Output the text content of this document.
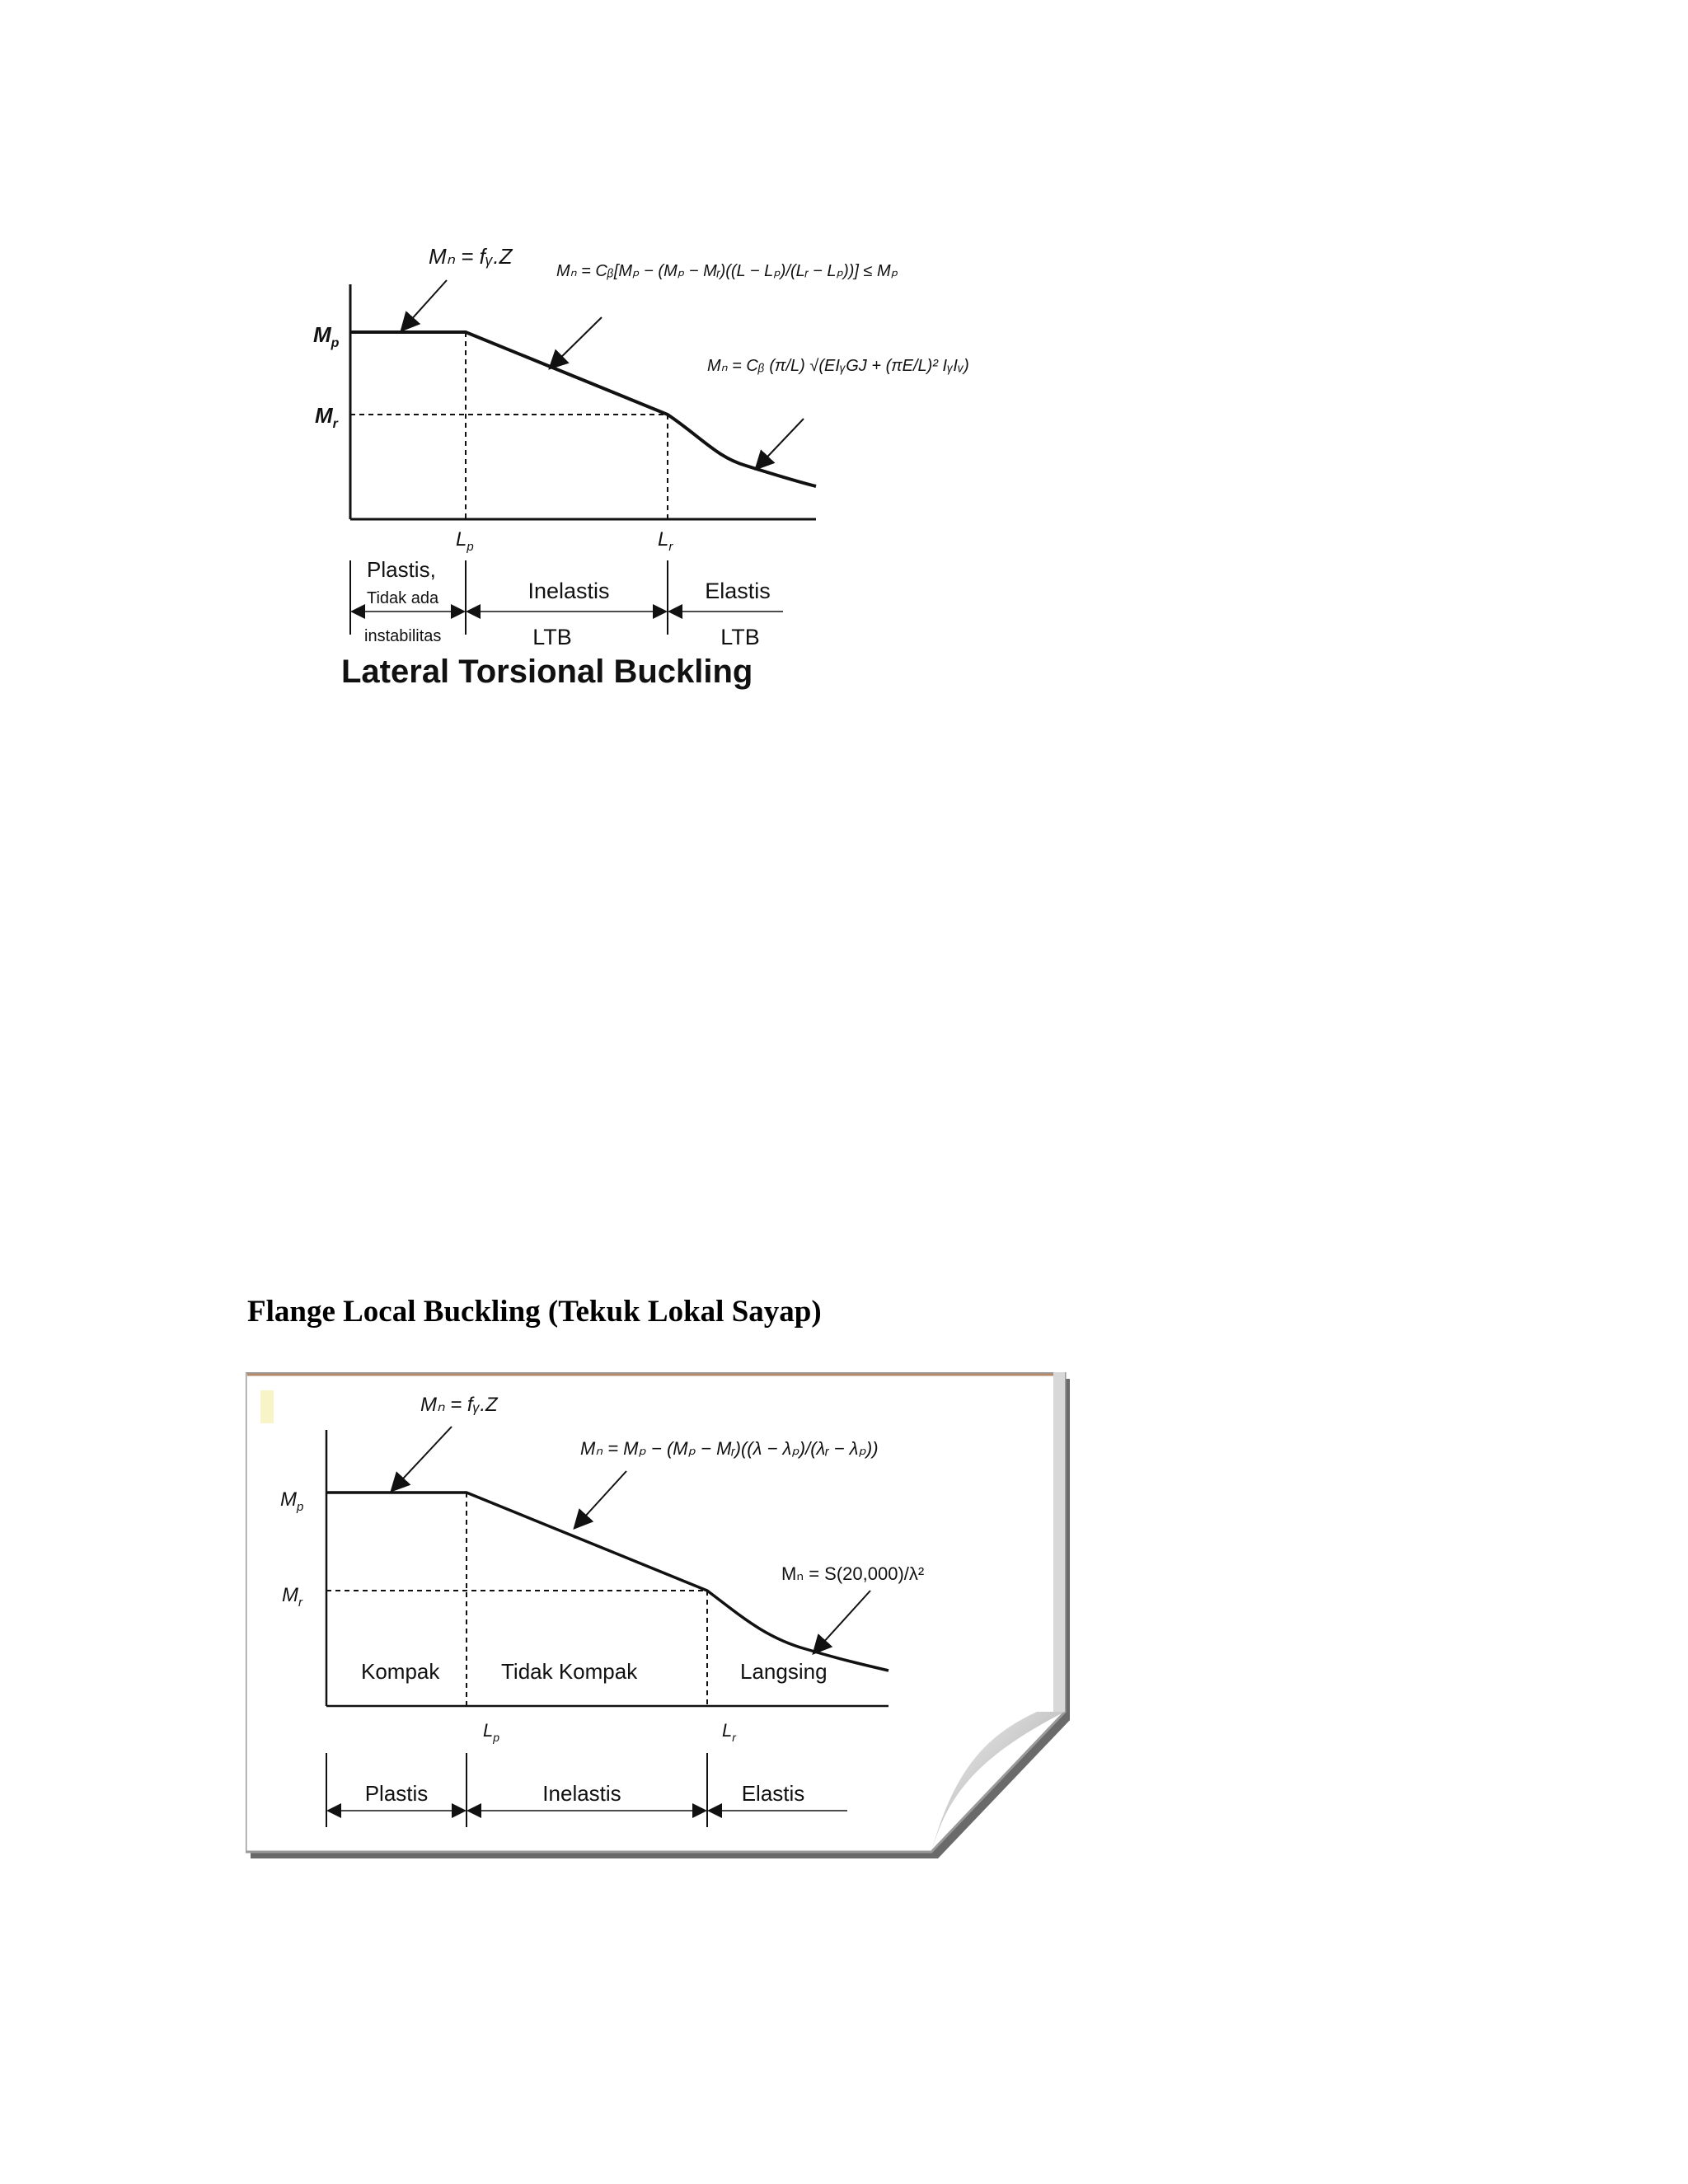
$M_p$
$M_r$
$L_p$	$L_r$
Mₙ = fᵧ.Z
Mₙ = Cᵦ[Mₚ − (Mₚ − Mᵣ)((L − Lₚ)/(Lᵣ − Lₚ))] ≤ Mₚ
Mₙ = Cᵦ (π/L) √(EIᵧGJ + (πE/L)² IᵧIᵥ)
Plastis,
Tidak ada
instabilitas
Inelastis
LTB
Elastis
LTB
Lateral Torsional Buckling
Flange Local Buckling (Tekuk Lokal Sayap)
$M_p$
$M_r$
$L_p$	$L_r$
Mₙ = fᵧ.Z
Mₙ = Mₚ − (Mₚ − Mᵣ)((λ − λₚ)/(λᵣ − λₚ))
Mₙ = S(20,000)/λ²
Kompak	Tidak Kompak	Langsing
Plastis	Inelastis	Elastis
